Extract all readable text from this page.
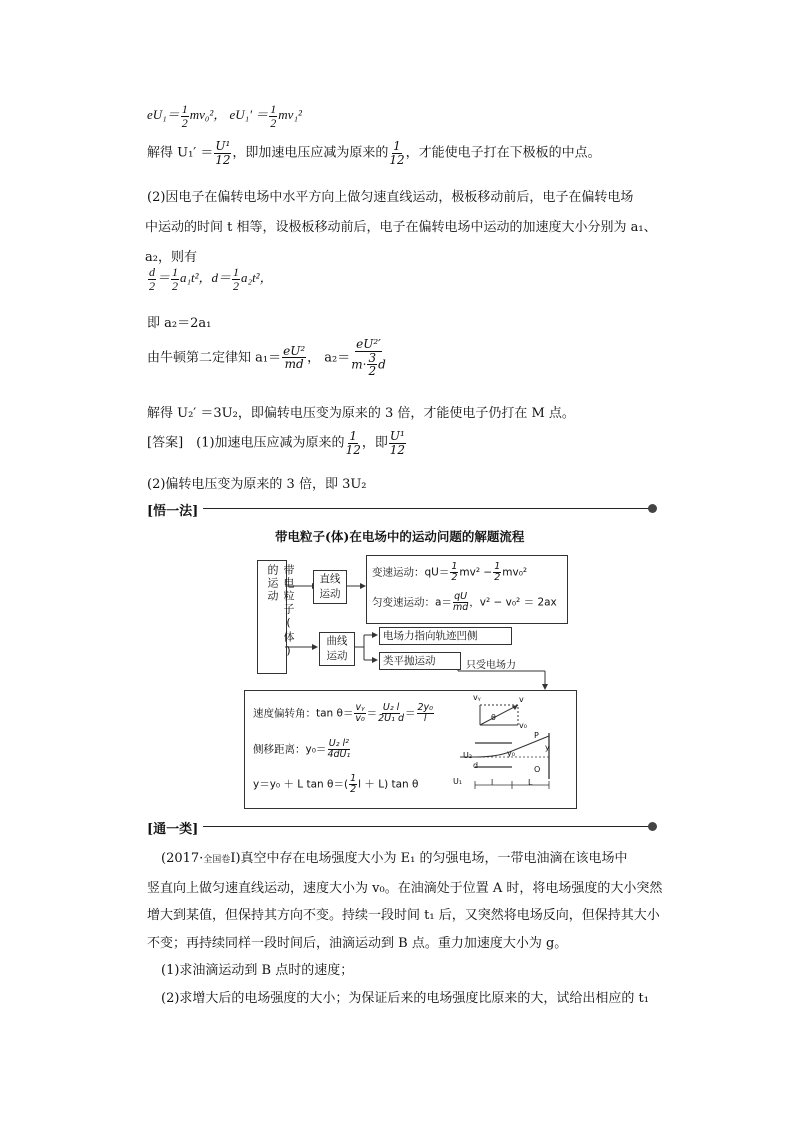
$eU_1= \frac{1}{2} mv_0^2$， $eU_1' = \frac{1}{2} mv_1^2$
解得 $U_1' = \frac{\text{U¹}}{12}$ ，即加速电压应减为原来的 $\frac{1}{12}$ ，才能使电子打在下极板的中点。
(2)因电子在偏转电场中水平方向上做匀速直线运动，极板移动前后，电子在偏转电场
中运动的时间 t 相等，设极板移动前后，电子在偏转电场中运动的加速度大小分别为 a₁、
a₂，则有
$\frac{d}{2} = \frac{1}{2} a_1t^2$，$d= \frac{1}{2} a_2t^2$，
即 a₂＝2a₁
由牛顿第二定律知 $a_1= \frac{\text{eU²}}{md}$ ， $a_2= \frac{\text{eU²′}}{m\cdot \frac{3}{2} d}$
解得 U₂′ ＝3U₂，即偏转电压变为原来的 3 倍，才能使电子仍打在 M 点。
[答案]　(1)加速电压应减为原来的 $\frac{1}{12}$ ，即 $\frac{\text{U¹}}{12}$
(2)偏转电压变为原来的 3 倍，即 3U₂
[悟一法]
带电粒子(体)在电场中的运动问题的解题流程
带电粒子(体)的运动	直线运动
曲线运动
变速运动：$qU= \frac{1}{2} mv^2 - \frac{1}{2} mv_0^2$
匀变速运动：$a= \frac{qU}{md}$ ，v² − v₀² ＝ 2ax
电场力指向轨迹凹侧
类平抛运动	只受电场力
速度偏转角：$\tan \theta= \frac{\text{vᵧ}}{\text{v₀}} = \frac{\text{U₂ l}}{\text{2U₁ d}} = \frac{\text{2y₀}}{l}$
侧移距离：$y_0= \frac{\text{U₂ l²}}{\text{4dU₁}}$
y＝y₀ ＋ L $\tan \theta=( \frac{1}{2}$ l ＋ L) tan θ
vᵧ	v
θ
v₀
U₂
d
y₀
P
y
O
U₁	l	L
[通一类]
(2017·全国卷Ⅰ)真空中存在电场强度大小为 E₁ 的匀强电场，一带电油滴在该电场中
竖直向上做匀速直线运动，速度大小为 v₀。在油滴处于位置 A 时，将电场强度的大小突然
增大到某值，但保持其方向不变。持续一段时间 t₁ 后，又突然将电场反向，但保持其大小
不变；再持续同样一段时间后，油滴运动到 B 点。重力加速度大小为 g。
(1)求油滴运动到 B 点时的速度；
(2)求增大后的电场强度的大小；为保证后来的电场强度比原来的大，试给出相应的 t₁
